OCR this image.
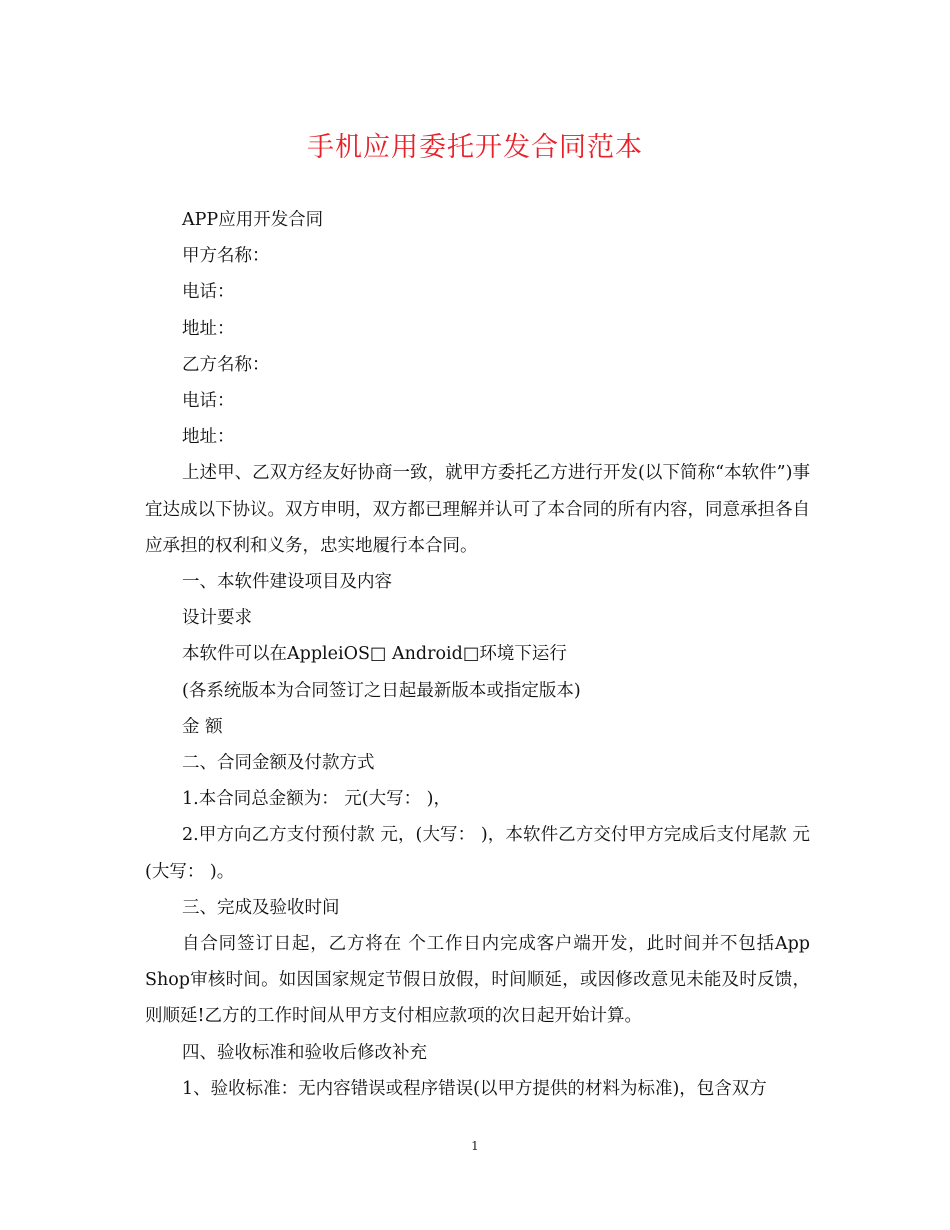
手机应用委托开发合同范本

APP应用开发合同

甲方名称：

电话：

地址：

乙方名称：

电话：

地址：

上述甲、乙双方经友好协商一致，就甲方委托乙方进行开发(以下简称“本软件”)事宜达成以下协议。双方申明，双方都已理解并认可了本合同的所有内容，同意承担各自应承担的权利和义务，忠实地履行本合同。

一、本软件建设项目及内容

设计要求

本软件可以在AppleiOS□ Android□环境下运行

(各系统版本为合同签订之日起最新版本或指定版本)

金 额

二、合同金额及付款方式

1.本合同总金额为： 元(大写： )，

2.甲方向乙方支付预付款 元，(大写： )，本软件乙方交付甲方完成后支付尾款 元(大写： )。

三、完成及验收时间

自合同签订日起，乙方将在 个工作日内完成客户端开发，此时间并不包括App Shop审核时间。如因国家规定节假日放假，时间顺延，或因修改意见未能及时反馈，则顺延!乙方的工作时间从甲方支付相应款项的次日起开始计算。

四、验收标准和验收后修改补充

1、验收标准：无内容错误或程序错误(以甲方提供的材料为标准)，包含双方

1
